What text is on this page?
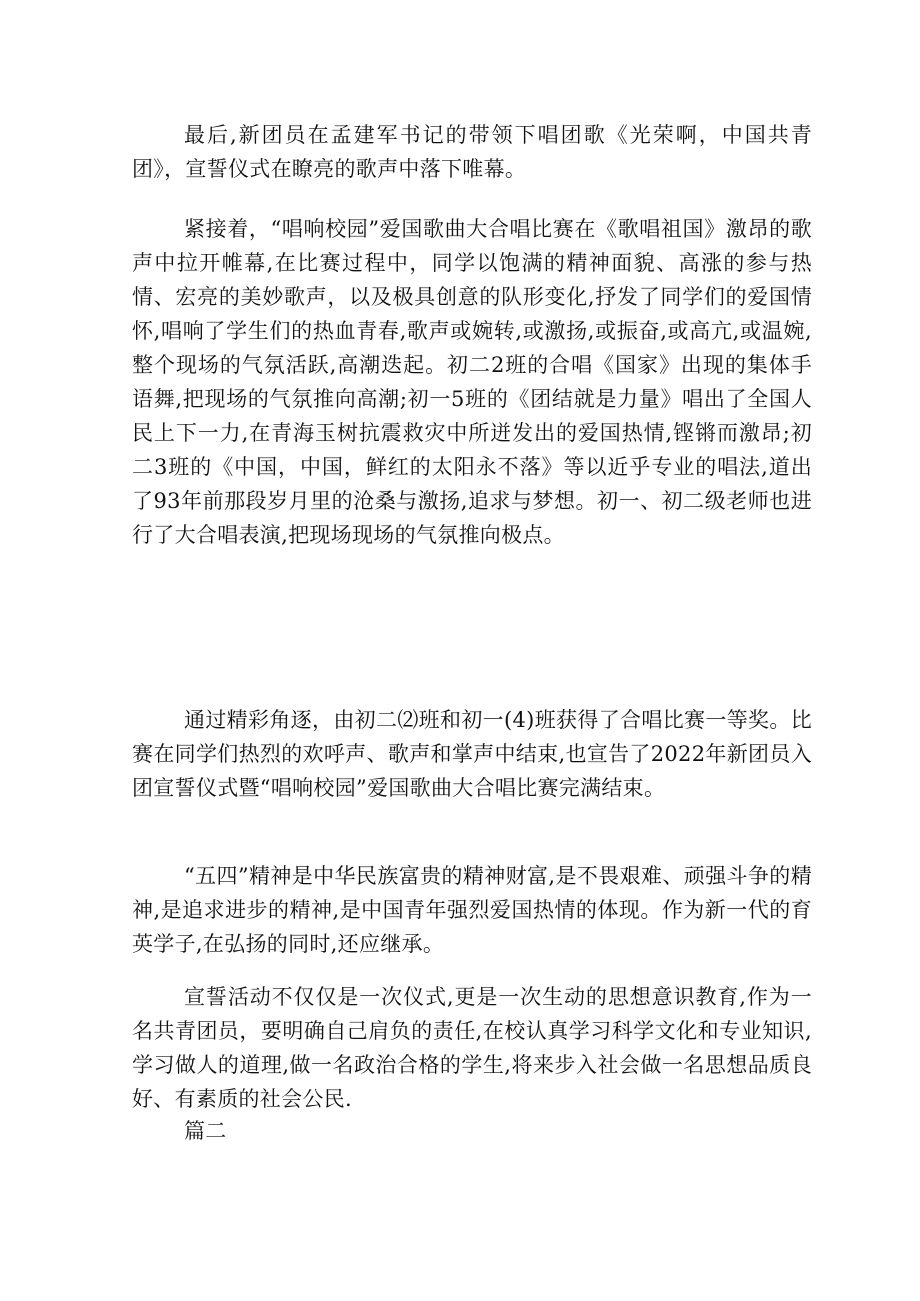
最后,新团员在孟建军书记的带领下唱团歌《光荣啊，中国共青团》，宣誓仪式在瞭亮的歌声中落下唯幕。

紧接着，“唱响校园”爱国歌曲大合唱比赛在《歌唱祖国》激昂的歌声中拉开帷幕,在比赛过程中，同学以饱满的精神面貌、高涨的参与热情、宏亮的美妙歌声，以及极具创意的队形变化,抒发了同学们的爱国情怀,唱响了学生们的热血青春,歌声或婉转,或激扬,或振奋,或高亢,或温婉,整个现场的气氛活跃,高潮迭起。初二2班的合唱《国家》出现的集体手语舞,把现场的气氛推向高潮;初一5班的《团结就是力量》唱出了全国人民上下一力,在青海玉树抗震救灾中所迸发出的爱国热情,铿锵而激昂;初二3班的《中国，中国，鲜红的太阳永不落》等以近乎专业的唱法,道出了93年前那段岁月里的沧桑与激扬,追求与梦想。初一、初二级老师也进行了大合唱表演,把现场现场的气氛推向极点。

通过精彩角逐，由初二⑵班和初一(4)班获得了合唱比赛一等奖。比赛在同学们热烈的欢呼声、歌声和掌声中结束,也宣告了2022年新团员入团宣誓仪式暨“唱响校园”爱国歌曲大合唱比赛完满结束。

“五四”精神是中华民族富贵的精神财富,是不畏艰难、顽强斗争的精神,是追求进步的精神,是中国青年强烈爱国热情的体现。作为新一代的育英学子,在弘扬的同时,还应继承。

宣誓活动不仅仅是一次仪式,更是一次生动的思想意识教育,作为一名共青团员，要明确自己肩负的责任,在校认真学习科学文化和专业知识,学习做人的道理,做一名政治合格的学生,将来步入社会做一名思想品质良好、有素质的社会公民.

篇二
